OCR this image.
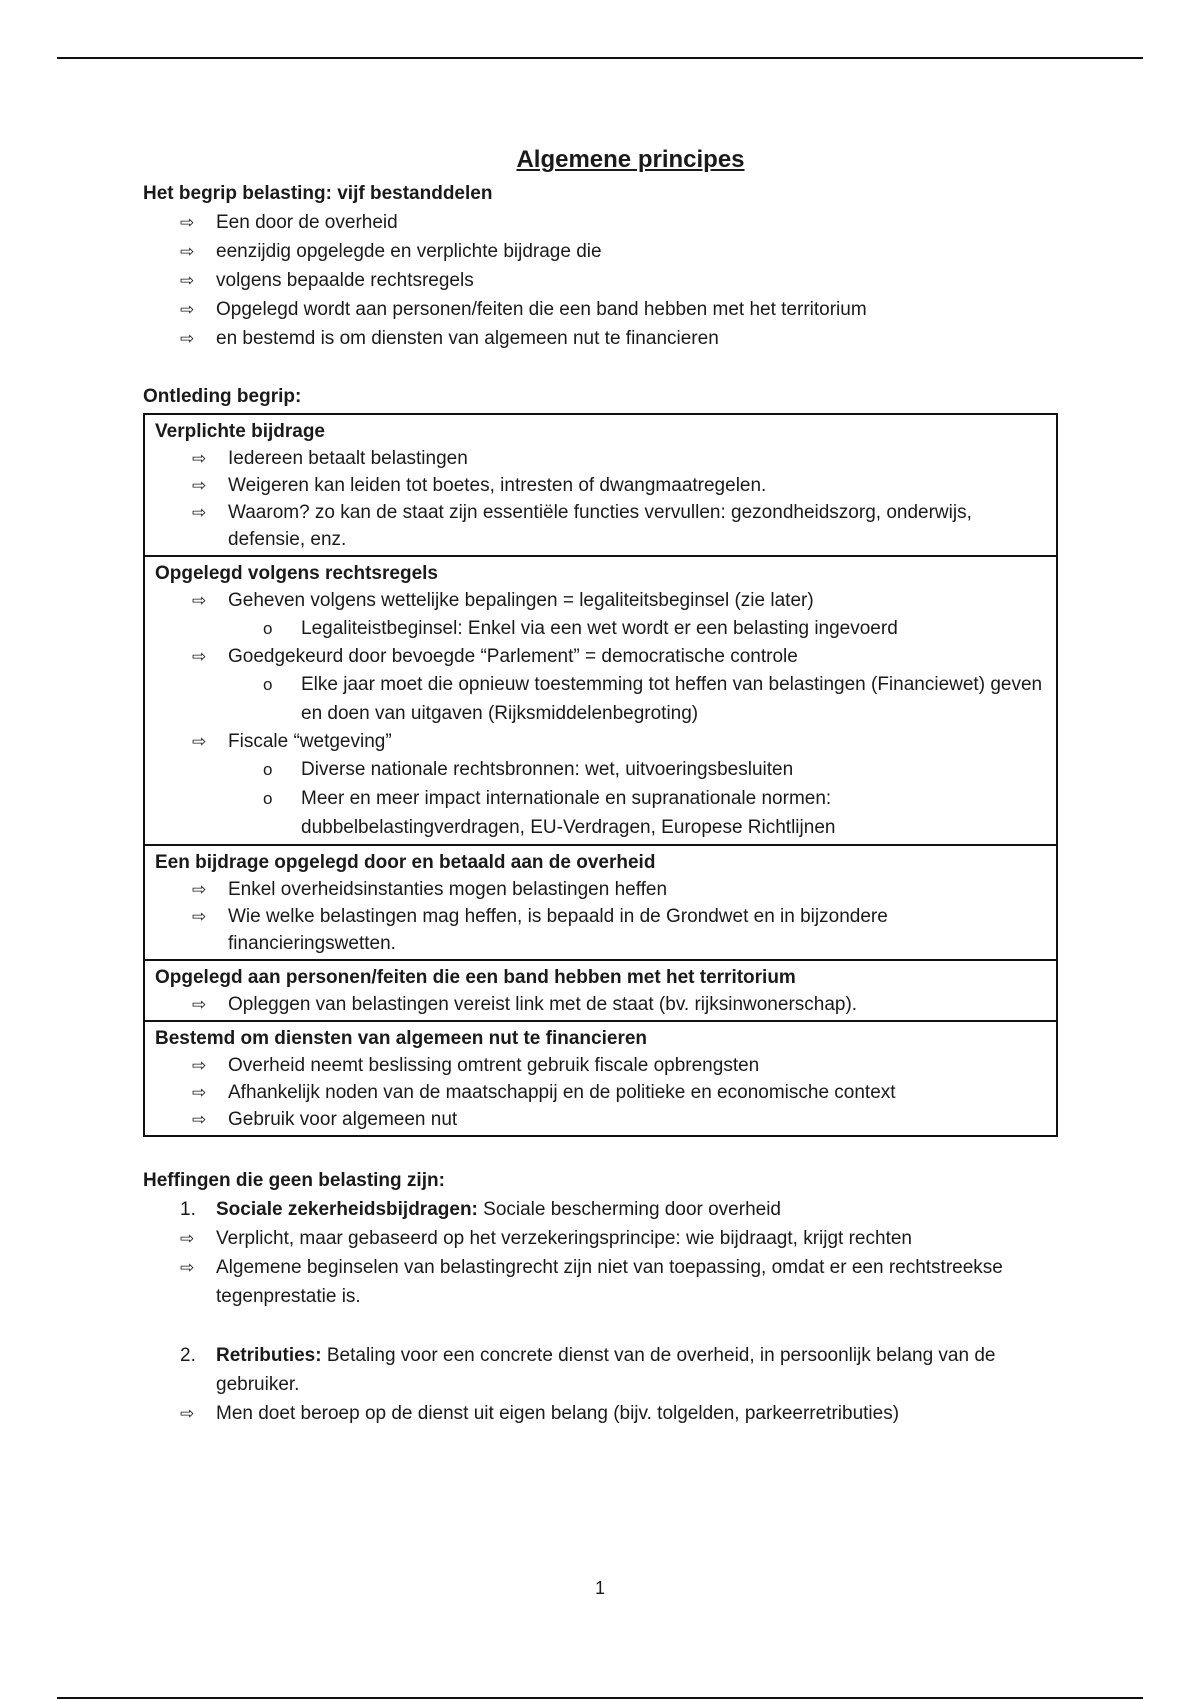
Algemene principes
Het begrip belasting: vijf bestanddelen
⇨ Een door de overheid
⇨ eenzijdig opgelegde en verplichte bijdrage die
⇨ volgens bepaalde rechtsregels
⇨ Opgelegd wordt aan personen/feiten die een band hebben met het territorium
⇨ en bestemd is om diensten van algemeen nut te financieren
Ontleding begrip:
Verplichte bijdrage
⇨ Iedereen betaalt belastingen
⇨ Weigeren kan leiden tot boetes, intresten of dwangmaatregelen.
⇨ Waarom? zo kan de staat zijn essentiële functies vervullen: gezondheidszorg, onderwijs, defensie, enz.

Opgelegd volgens rechtsregels
⇨ Geheven volgens wettelijke bepalingen = legaliteitsbeginsel (zie later)
o Legaliteistbeginsel: Enkel via een wet wordt er een belasting ingevoerd
⇨ Goedgekeurd door bevoegde “Parlement” = democratische controle
o Elke jaar moet die opnieuw toestemming tot heffen van belastingen (Financiewet) geven en doen van uitgaven (Rijksmiddelenbegroting)
⇨ Fiscale “wetgeving”
o Diverse nationale rechtsbronnen: wet, uitvoeringsbesluiten
o Meer en meer impact internationale en supranationale normen: dubbelbelastingverdragen, EU-Verdragen, Europese Richtlijnen

Een bijdrage opgelegd door en betaald aan de overheid
⇨ Enkel overheidsinstanties mogen belastingen heffen
⇨ Wie welke belastingen mag heffen, is bepaald in de Grondwet en in bijzondere financieringswetten.

Opgelegd aan personen/feiten die een band hebben met het territorium
⇨ Opleggen van belastingen vereist link met de staat (bv. rijksinwonerschap).

Bestemd om diensten van algemeen nut te financieren
⇨ Overheid neemt beslissing omtrent gebruik fiscale opbrengsten
⇨ Afhankelijk noden van de maatschappij en de politieke en economische context
⇨ Gebruik voor algemeen nut
Heffingen die geen belasting zijn:
1. Sociale zekerheidsbijdragen: Sociale bescherming door overheid
⇨ Verplicht, maar gebaseerd op het verzekeringsprincipe: wie bijdraagt, krijgt rechten
⇨ Algemene beginselen van belastingrecht zijn niet van toepassing, omdat er een rechtstreekse tegenprestatie is.
2. Retributies: Betaling voor een concrete dienst van de overheid, in persoonlijk belang van de gebruiker.
⇨ Men doet beroep op de dienst uit eigen belang (bijv. tolgelden, parkeerretributies)
1
